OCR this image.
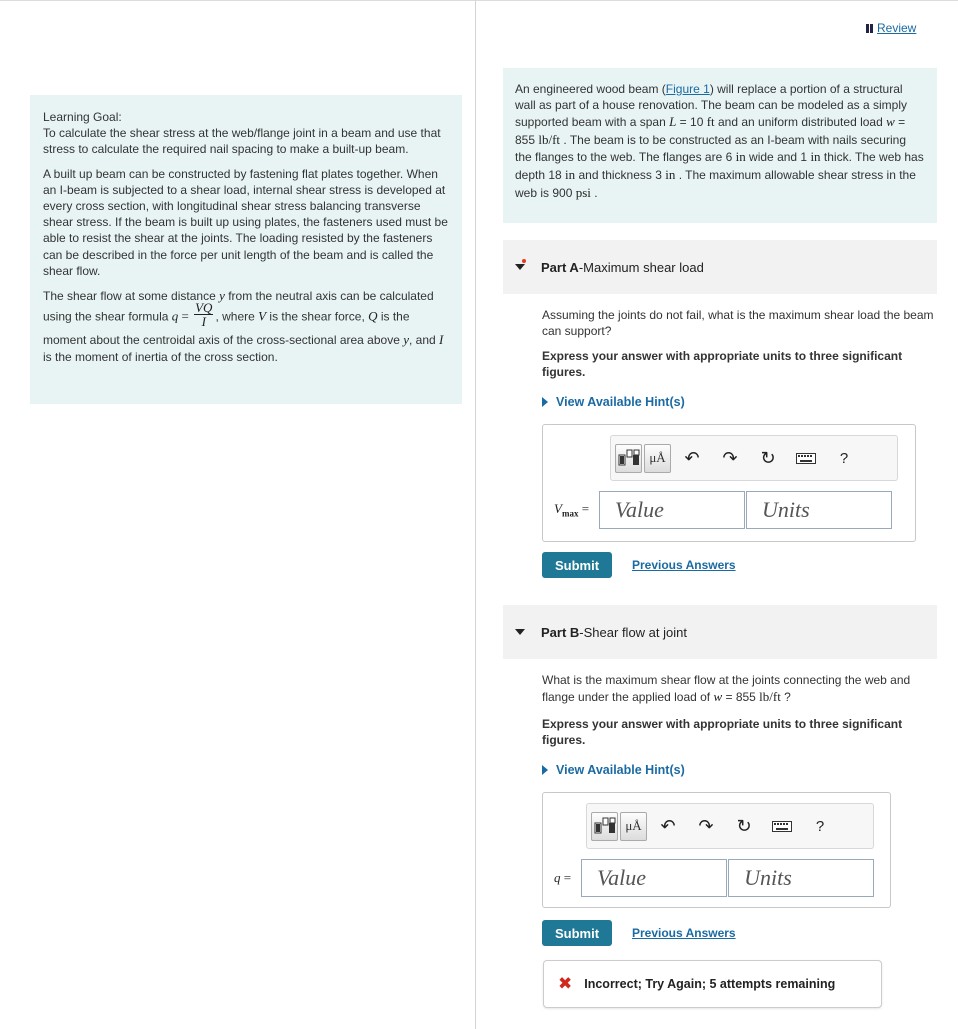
Learning Goal:
To calculate the shear stress at the web/flange joint in a beam and use that stress to calculate the required nail spacing to make a built-up beam.

A built up beam can be constructed by fastening flat plates together. When an I-beam is subjected to a shear load, internal shear stress is developed at every cross section, with longitudinal shear stress balancing transverse shear stress. If the beam is built up using plates, the fasteners used must be able to resist the shear at the joints. The loading resisted by the fasteners can be described in the force per unit length of the beam and is called the shear flow.

The shear flow at some distance y from the neutral axis can be calculated using the shear formula $q = \frac{VQ}{I}$ , where V is the shear force, Q is the moment about the centroidal axis of the cross-sectional area above y, and I is the moment of inertia of the cross section.

Review
An engineered wood beam (Figure 1) will replace a portion of a structural wall as part of a house renovation. The beam can be modeled as a simply supported beam with a span L = 10 ft and an uniform distributed load w = 855 lb/ft . The beam is to be constructed as an I-beam with nails securing the flanges to the web. The flanges are 6 in wide and 1 in thick. The web has depth 18 in and thickness 3 in . The maximum allowable shear stress in the web is 900 psi .
Part A - Maximum shear load
Assuming the joints do not fail, what is the maximum shear load the beam can support?
Express your answer with appropriate units to three significant figures.
View Available Hint(s)
μÅ	↶	↷	↻	?
$V_{max}$ =
Value
Units
Submit	Previous Answers
Part B - Shear flow at joint
What is the maximum shear flow at the joints connecting the web and flange under the applied load of w = 855 lb/ft ?
Express your answer with appropriate units to three significant figures.
View Available Hint(s)
μÅ	↶	↷	↻	?
q =
Value
Units
Submit	Previous Answers
✖ Incorrect; Try Again; 5 attempts remaining
